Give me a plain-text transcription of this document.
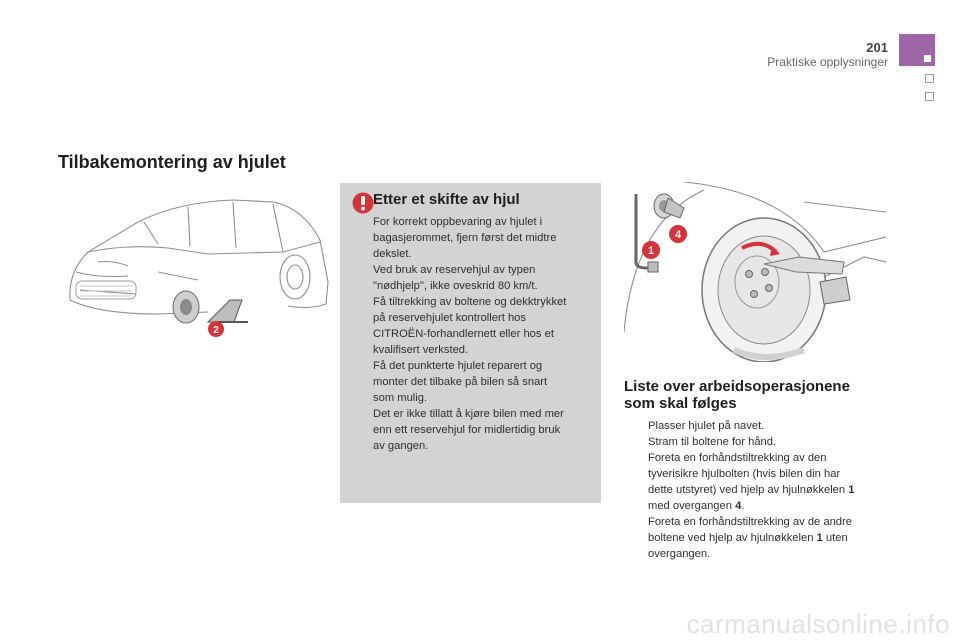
201
Praktiske opplysninger
Tilbakemontering av hjulet
2
Etter et skifte av hjul
For korrekt oppbevaring av hjulet i
bagasjerommet, fjern først det midtre
dekslet.
Ved bruk av reservehjul av typen
"nødhjelp", ikke oveskrid 80 km/t.
Få tiltrekking av boltene og dekktrykket
på reservehjulet kontrollert hos
CITROËN-forhandlernett eller hos et
kvalifisert verksted.
Få det punkterte hjulet reparert og
monter det tilbake på bilen så snart
som mulig.
Det er ikke tillatt å kjøre bilen med mer
enn ett reservehjul for midlertidig bruk
av gangen.
4
1
Liste over arbeidsoperasjonene
som skal følges
Plasser hjulet på navet.
Stram til boltene for hånd.
Foreta en forhåndstiltrekking av den
tyverisikre hjulbolten (hvis bilen din har
dette utstyret) ved hjelp av hjulnøkkelen 1
med overgangen 4.
Foreta en forhåndstiltrekking av de andre
boltene ved hjelp av hjulnøkkelen 1 uten
overgangen.
carmanualsonline.info
